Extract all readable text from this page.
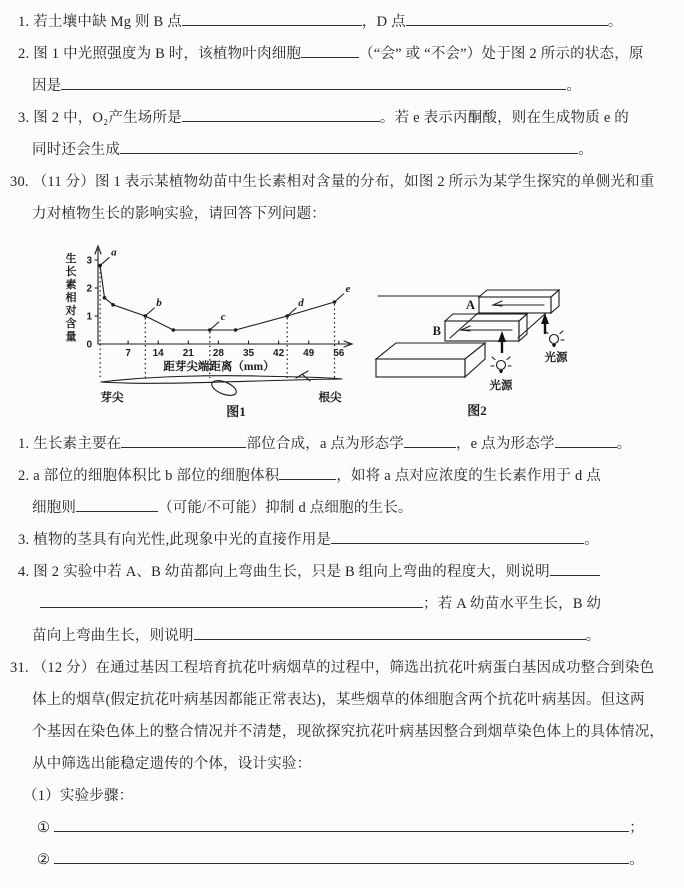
1. 若土壤中缺 Mg 则 B 点	，D 点	。
2. 图 1 中光照强度为 B 时，该植物叶肉细胞	（“会” 或 “不会”）处于图 2 所示的状态，原
因是	。
3. 图 2 中，O₂产生场所是	。若 e 表示丙酮酸，则在生成物质 e 的
同时还会生成	。
30. （11 分）图 1 表示某植物幼苗中生长素相对含量的分布，如图 2 所示为某学生探究的单侧光和重
力对植物生长的影响实验，请回答下列问题：
0
1
2
3
7 14 21 28 35 42 49 56
a
b
c
d
e
距芽尖端距离（mm）
生
长
素
相
对
含
量
芽尖	根尖
图1
A
B
光源
光源
图2
1. 生长素主要在	部位合成，a 点为形态学	，e 点为形态学	。
2. a 部位的细胞体积比 b 部位的细胞体积	，如将 a 点对应浓度的生长素作用于 d 点
细胞则	（可能/不可能）抑制 d 点细胞的生长。
3. 植物的茎具有向光性,此现象中光的直接作用是	。
4. 图 2 实验中若 A、B 幼苗都向上弯曲生长，只是 B 组向上弯曲的程度大，则说明
；若 A 幼苗水平生长，B 幼
苗向上弯曲生长，则说明	。
31. （12 分）在通过基因工程培育抗花叶病烟草的过程中，筛选出抗花叶病蛋白基因成功整合到染色
体上的烟草(假定抗花叶病基因都能正常表达)，某些烟草的体细胞含两个抗花叶病基因。但这两
个基因在染色体上的整合情况并不清楚，现欲探究抗花叶病基因整合到烟草染色体上的具体情况，
从中筛选出能稳定遗传的个体，设计实验：
（1）实验步骤：
①	；
②	。
